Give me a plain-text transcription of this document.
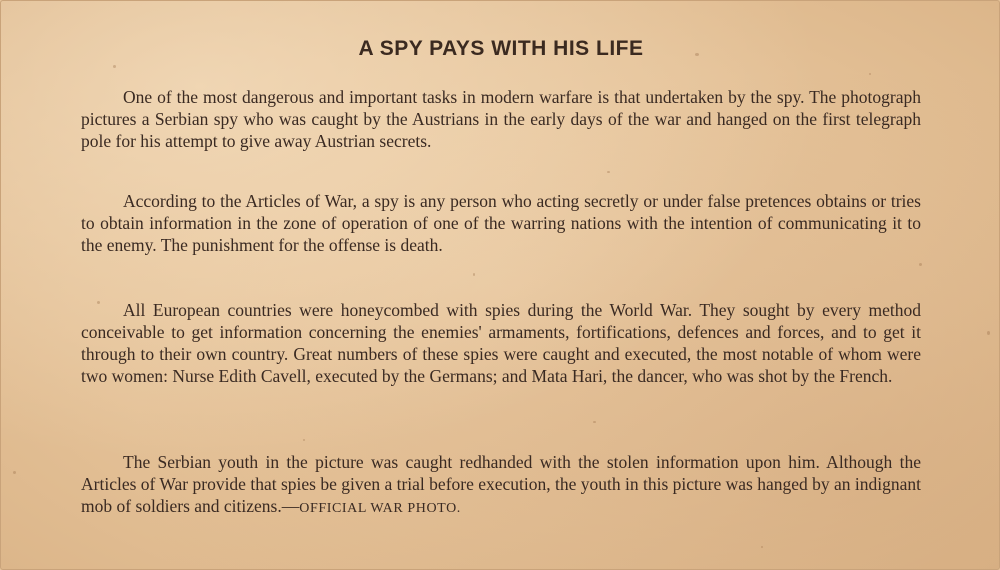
A SPY PAYS WITH HIS LIFE

One of the most dangerous and important tasks in modern warfare is that undertaken by the spy. The photograph pictures a Serbian spy who was caught by the Austrians in the early days of the war and hanged on the first telegraph pole for his attempt to give away Austrian secrets.

According to the Articles of War, a spy is any person who acting secretly or under false pretences obtains or tries to obtain information in the zone of operation of one of the warring nations with the intention of communicating it to the enemy. The punishment for the offense is death.

All European countries were honeycombed with spies during the World War. They sought by every method conceivable to get information concerning the enemies' armaments, fortifications, defences and forces, and to get it through to their own country. Great numbers of these spies were caught and executed, the most notable of whom were two women: Nurse Edith Cavell, executed by the Germans; and Mata Hari, the dancer, who was shot by the French.

The Serbian youth in the picture was caught redhanded with the stolen information upon him. Although the Articles of War provide that spies be given a trial before execution, the youth in this picture was hanged by an indignant mob of soldiers and citizens.—OFFICIAL WAR PHOTO.
